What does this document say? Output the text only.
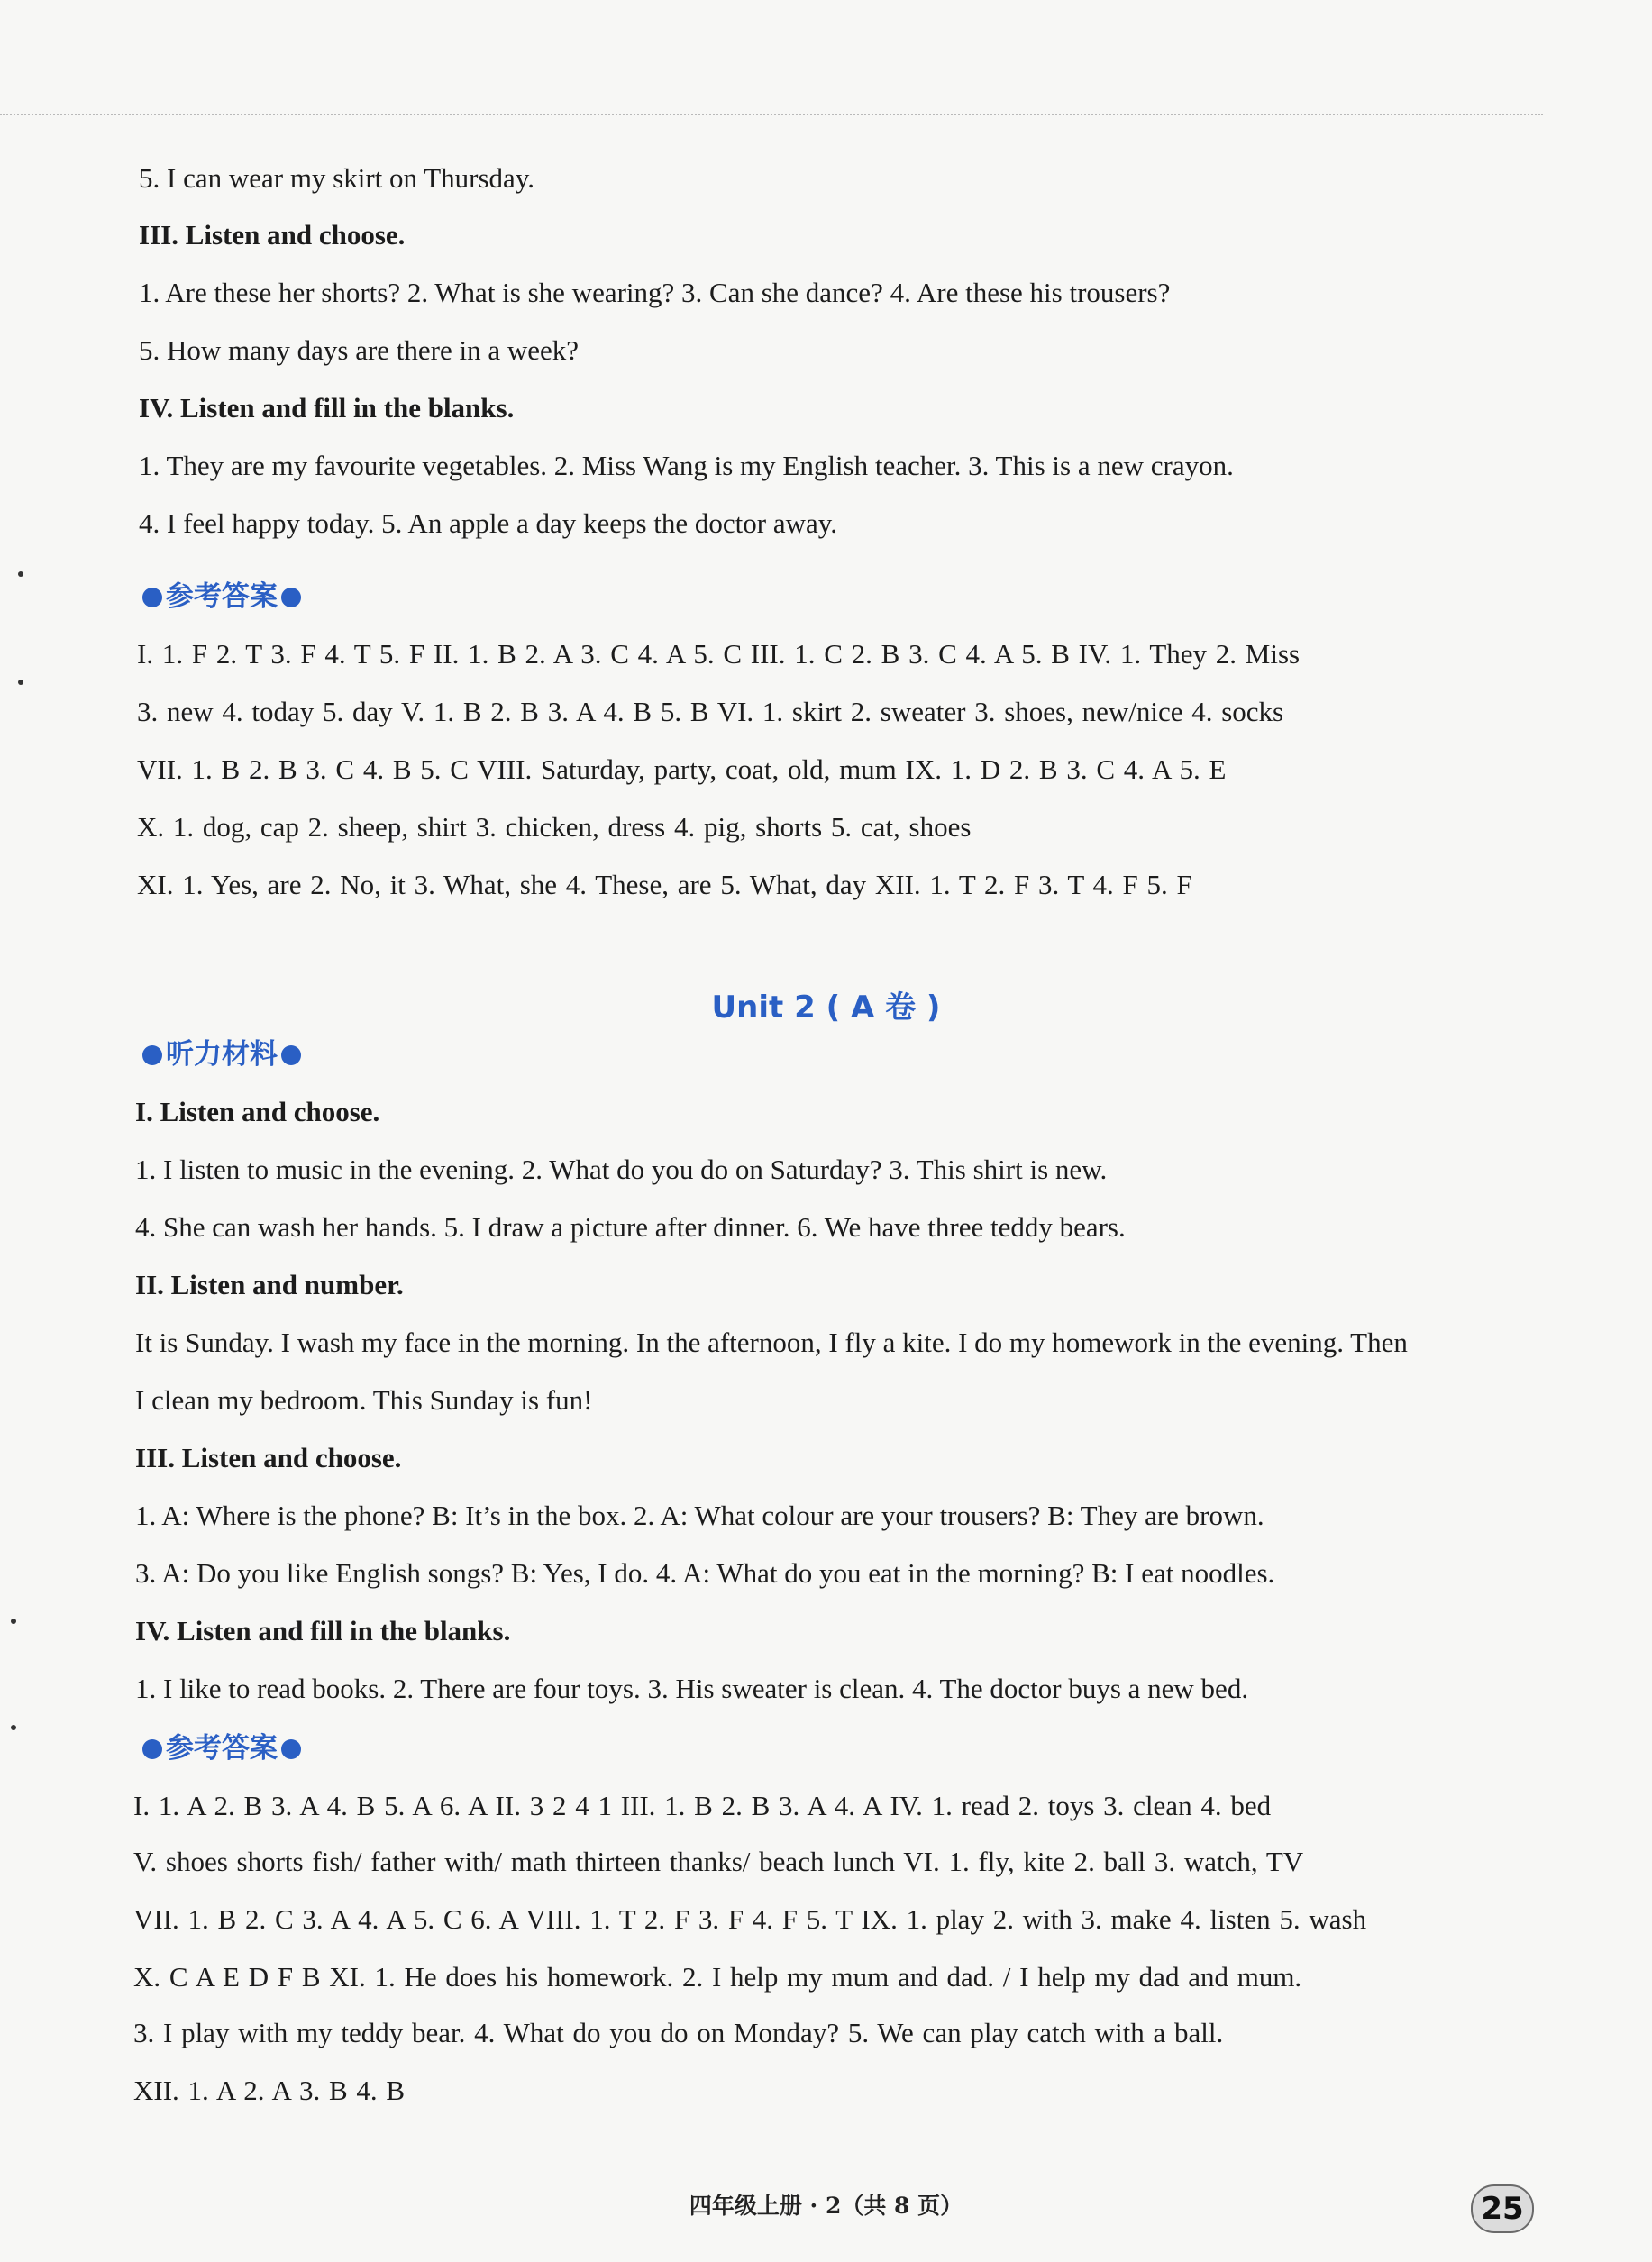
5. I can wear my skirt on Thursday.
III. Listen and choose.
1. Are these her shorts? 2. What is she wearing? 3. Can she dance? 4. Are these his trousers?
5. How many days are there in a week?
IV. Listen and fill in the blanks.
1. They are my favourite vegetables. 2. Miss Wang is my English teacher. 3. This is a new crayon.
4. I feel happy today. 5. An apple a day keeps the doctor away.
参考答案
I. 1. F 2. T 3. F 4. T 5. F II. 1. B 2. A 3. C 4. A 5. C III. 1. C 2. B 3. C 4. A 5. B IV. 1. They 2. Miss
3. new 4. today 5. day V. 1. B 2. B 3. A 4. B 5. B VI. 1. skirt 2. sweater 3. shoes, new/nice 4. socks
VII. 1. B 2. B 3. C 4. B 5. C VIII. Saturday, party, coat, old, mum IX. 1. D 2. B 3. C 4. A 5. E
X. 1. dog, cap 2. sheep, shirt 3. chicken, dress 4. pig, shorts 5. cat, shoes
XI. 1. Yes, are 2. No, it 3. What, she 4. These, are 5. What, day XII. 1. T 2. F 3. T 4. F 5. F
Unit 2 ( A 卷 )
听力材料
I. Listen and choose.
1. I listen to music in the evening. 2. What do you do on Saturday? 3. This shirt is new.
4. She can wash her hands. 5. I draw a picture after dinner. 6. We have three teddy bears.
II. Listen and number.
It is Sunday. I wash my face in the morning. In the afternoon, I fly a kite. I do my homework in the evening. Then
I clean my bedroom. This Sunday is fun!
III. Listen and choose.
1. A: Where is the phone? B: It’s in the box. 2. A: What colour are your trousers? B: They are brown.
3. A: Do you like English songs? B: Yes, I do. 4. A: What do you eat in the morning? B: I eat noodles.
IV. Listen and fill in the blanks.
1. I like to read books. 2. There are four toys. 3. His sweater is clean. 4. The doctor buys a new bed.
参考答案
I. 1. A 2. B 3. A 4. B 5. A 6. A II. 3 2 4 1 III. 1. B 2. B 3. A 4. A IV. 1. read 2. toys 3. clean 4. bed
V. shoes shorts fish/ father with/ math thirteen thanks/ beach lunch VI. 1. fly, kite 2. ball 3. watch, TV
VII. 1. B 2. C 3. A 4. A 5. C 6. A VIII. 1. T 2. F 3. F 4. F 5. T IX. 1. play 2. with 3. make 4. listen 5. wash
X. C A E D F B XI. 1. He does his homework. 2. I help my mum and dad. / I help my dad and mum.
3. I play with my teddy bear. 4. What do you do on Monday? 5. We can play catch with a ball.
XII. 1. A 2. A 3. B 4. B
四年级上册 · 2（共 8 页）	25
